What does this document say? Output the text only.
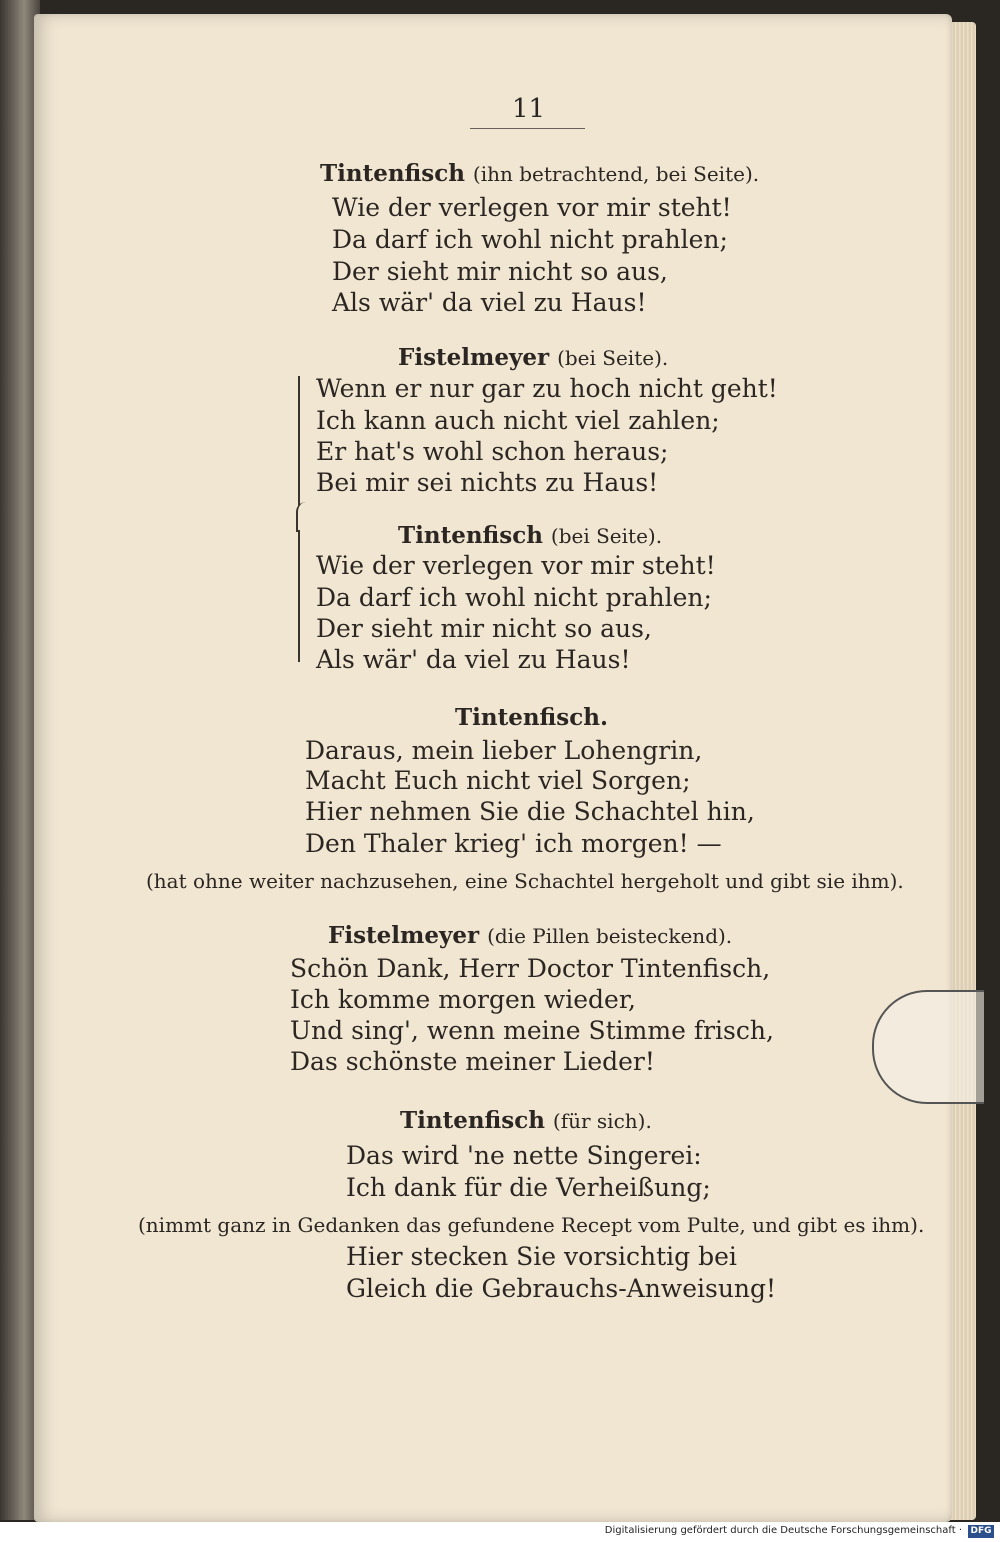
11
Tintenfisch (ihn betrachtend, bei Seite).
Wie der verlegen vor mir steht!
Da darf ich wohl nicht prahlen;
Der sieht mir nicht so aus,
Als wär' da viel zu Haus!
Fistelmeyer (bei Seite).
Wenn er nur gar zu hoch nicht geht!
Ich kann auch nicht viel zahlen;
Er hat's wohl schon heraus;
Bei mir sei nichts zu Haus!
Tintenfisch (bei Seite).
Wie der verlegen vor mir steht!
Da darf ich wohl nicht prahlen;
Der sieht mir nicht so aus,
Als wär' da viel zu Haus!
Tintenfisch.
Daraus, mein lieber Lohengrin,
Macht Euch nicht viel Sorgen;
Hier nehmen Sie die Schachtel hin,
Den Thaler krieg' ich morgen! —
(hat ohne weiter nachzusehen, eine Schachtel hergeholt und gibt sie ihm).
Fistelmeyer (die Pillen beisteckend).
Schön Dank, Herr Doctor Tintenfisch,
Ich komme morgen wieder,
Und sing', wenn meine Stimme frisch,
Das schönste meiner Lieder!
Tintenfisch (für sich).
Das wird 'ne nette Singerei:
Ich dank für die Verheißung;
(nimmt ganz in Gedanken das gefundene Recept vom Pulte, und gibt es ihm).
Hier stecken Sie vorsichtig bei
Gleich die Gebrauchs-Anweisung!
Digitalisierung gefördert durch die Deutsche Forschungsgemeinschaft · DFG
